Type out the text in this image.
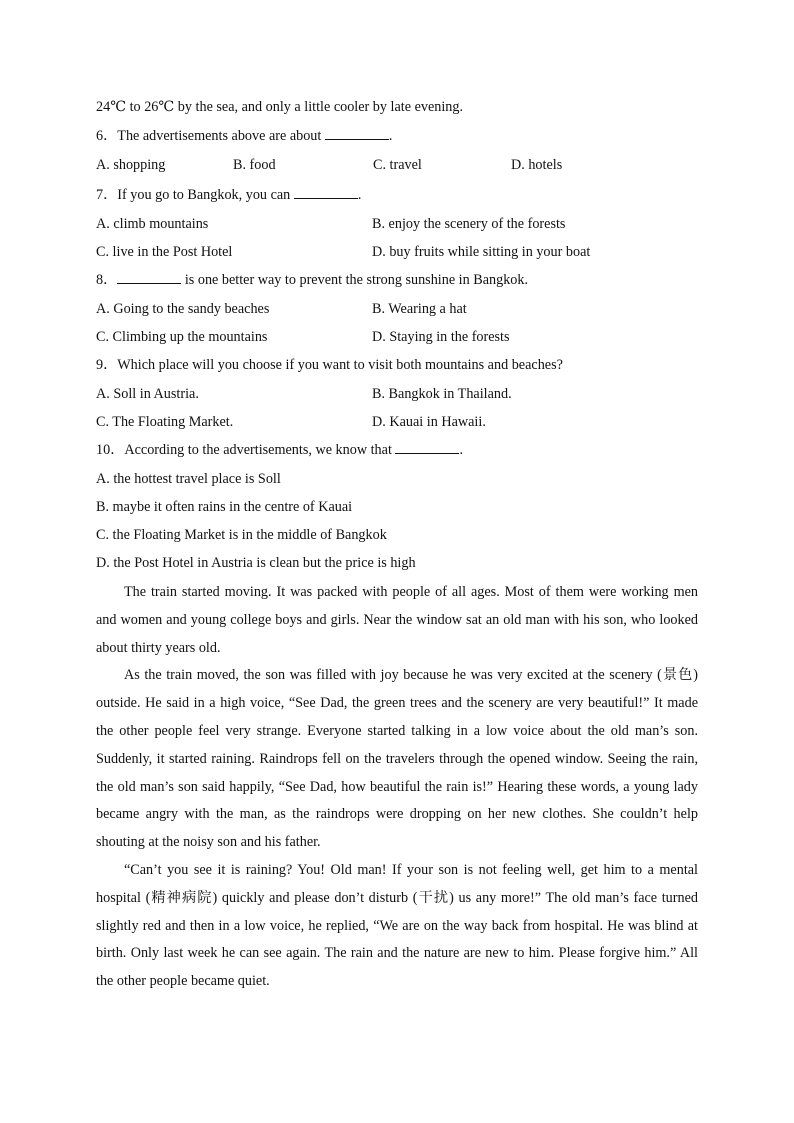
24℃ to 26℃ by the sea, and only a little cooler by late evening.
6．The advertisements above are about	.
A. shopping	B. food	C. travel	D. hotels
7．If you go to Bangkok, you can	.
A. climb mountains	B. enjoy the scenery of the forests
C. live in the Post Hotel	D. buy fruits while sitting in your boat
8．	is one better way to prevent the strong sunshine in Bangkok.
A. Going to the sandy beaches	B. Wearing a hat
C. Climbing up the mountains	D. Staying in the forests
9．Which place will you choose if you want to visit both mountains and beaches?
A. Soll in Austria.	B. Bangkok in Thailand.
C. The Floating Market.	D. Kauai in Hawaii.
10．According to the advertisements, we know that	.
A. the hottest travel place is Soll
B. maybe it often rains in the centre of Kauai
C. the Floating Market is in the middle of Bangkok
D. the Post Hotel in Austria is clean but the price is high

The train started moving. It was packed with people of all ages. Most of them were working men and women and young college boys and girls. Near the window sat an old man with his son, who looked about thirty years old.

As the train moved, the son was filled with joy because he was very excited at the scenery (景色) outside. He said in a high voice, “See Dad, the green trees and the scenery are very beautiful!” It made the other people feel very strange. Everyone started talking in a low voice about the old man’s son. Suddenly, it started raining. Raindrops fell on the travelers through the opened window. Seeing the rain, the old man’s son said happily, “See Dad, how beautiful the rain is!” Hearing these words, a young lady became angry with the man, as the raindrops were dropping on her new clothes. She couldn’t help shouting at the noisy son and his father.

“Can’t you see it is raining? You! Old man! If your son is not feeling well, get him to a mental hospital (精神病院) quickly and please don’t disturb (干扰) us any more!” The old man’s face turned slightly red and then in a low voice, he replied, “We are on the way back from hospital. He was blind at birth. Only last week he can see again. The rain and the nature are new to him. Please forgive him.” All the other people became quiet.
